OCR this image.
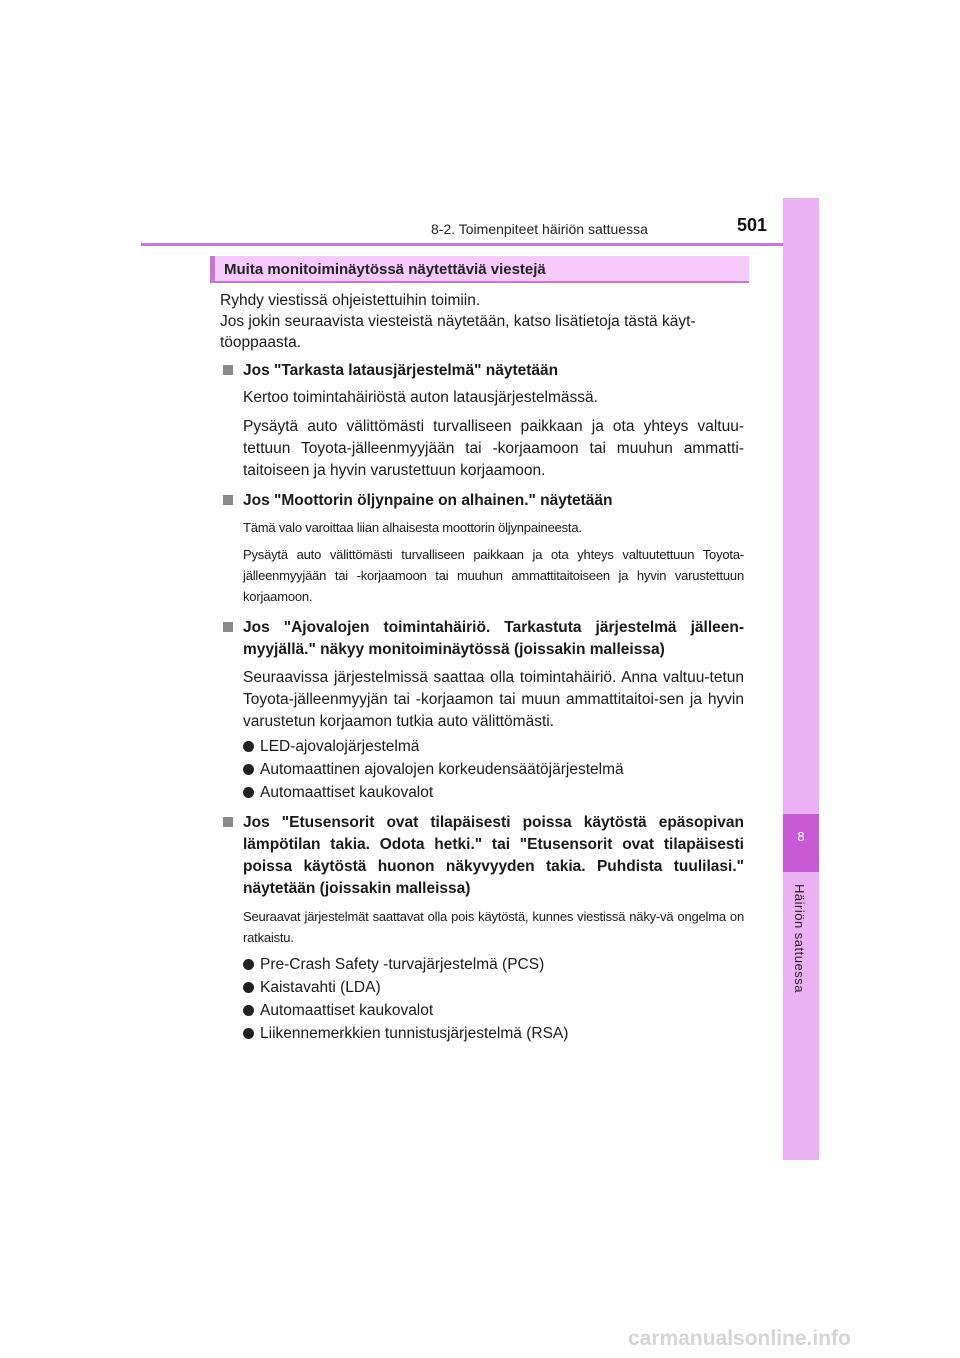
8-2. Toimenpiteet häiriön sattuessa	501
8
Häiriön sattuessa
Muita monitoiminäytössä näytettäviä viestejä

Ryhdy viestissä ohjeistettuihin toimiin.
Jos jokin seuraavista viesteistä näytetään, katso lisätietoja tästä käyt-töoppaasta.

Jos "Tarkasta latausjärjestelmä" näytetään

Kertoo toimintahäiriöstä auton latausjärjestelmässä.

Pysäytä auto välittömästi turvalliseen paikkaan ja ota yhteys valtuu-tettuun Toyota-jälleenmyyjään tai -korjaamoon tai muuhun ammatti-taitoiseen ja hyvin varustettuun korjaamoon.

Jos "Moottorin öljynpaine on alhainen." näytetään

Tämä valo varoittaa liian alhaisesta moottorin öljynpaineesta.

Pysäytä auto välittömästi turvalliseen paikkaan ja ota yhteys valtuutettuun Toyota-jälleenmyyjään tai -korjaamoon tai muuhun ammattitaitoiseen ja hyvin varustettuun korjaamoon.

Jos "Ajovalojen toimintahäiriö. Tarkastuta järjestelmä jälleen-myyjällä." näkyy monitoiminäytössä (joissakin malleissa)

Seuraavissa järjestelmissä saattaa olla toimintahäiriö. Anna valtuu-tetun Toyota-jälleenmyyjän tai -korjaamon tai muun ammattitaitoi-sen ja hyvin varustetun korjaamon tutkia auto välittömästi.

LED-ajovalojärjestelmä

Automaattinen ajovalojen korkeudensäätöjärjestelmä

Automaattiset kaukovalot

Jos "Etusensorit ovat tilapäisesti poissa käytöstä epäsopivan lämpötilan takia. Odota hetki." tai "Etusensorit ovat tilapäisesti poissa käytöstä huonon näkyvyyden takia. Puhdista tuulilasi." näytetään (joissakin malleissa)

Seuraavat järjestelmät saattavat olla pois käytöstä, kunnes viestissä näky-vä ongelma on ratkaistu.

Pre-Crash Safety -turvajärjestelmä (PCS)

Kaistavahti (LDA)

Automaattiset kaukovalot

Liikennemerkkien tunnistusjärjestelmä (RSA)

carmanualsonline.info
